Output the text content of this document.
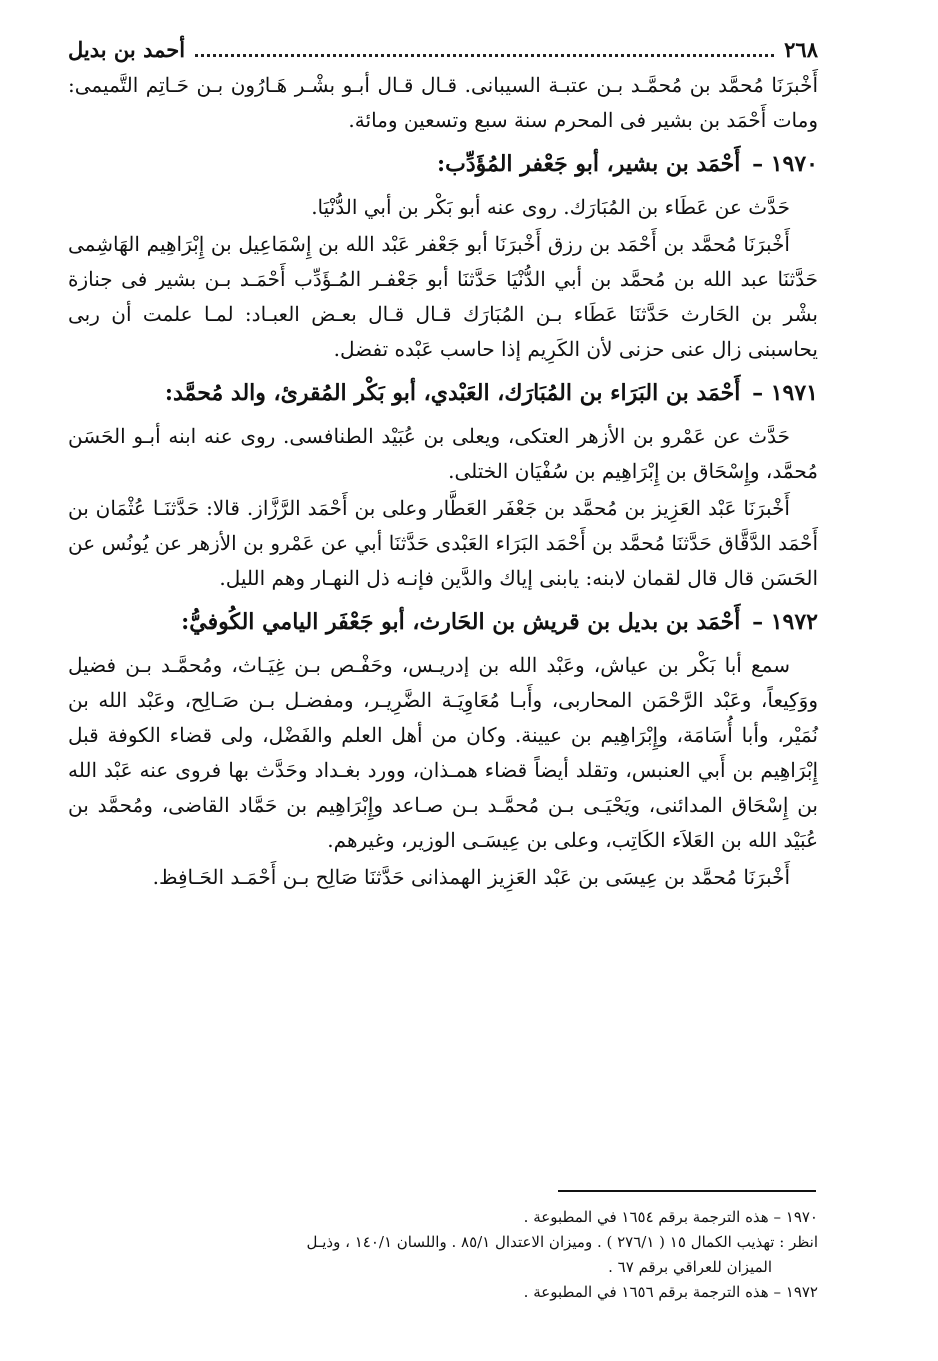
٢٦٨
أحمد بن بديل

أَخْبرَنَا مُحمَّد بن مُحمَّـد بـن عتبـة السيبانى. قـال قـال أبـو بشْـر هَـارُون بـن حَـاتِم التَّميمى: ومات أَحْمَد بن بشير فى المحرم سنة سبع وتسعين ومائة.

١٩٧٠ – أَحْمَد بن بشير، أبو جَعْفر المُؤَدِّب:

حَدَّث عن عَطَاء بن المُبَارَك. روى عنه أبو بَكْر بن أبي الدُّنْيَا.

أَخْبرَنَا مُحمَّد بن أَحْمَد بن رزق أَخْبرَنَا أبو جَعْفر عَبْد الله بن إِسْمَاعِيل بن إِبْرَاهِيم الهَاشِمى حَدَّثنَا عبد الله بن مُحمَّد بن أبي الدُّنْيَا حَدَّثنَا أبو جَعْفـر المُـؤَدِّب أَحْمَـد بـن بشير فى جنازة بشْر بن الحَارث حَدَّثنَا عَطَاء بـن المُبَارَك قـال قـال بعـض العبـاد: لمـا علمت أن ربى يحاسبنى زال عنى حزنى لأن الكَرِيم إذا حاسب عَبْده تفضل.

١٩٧١ – أَحْمَد بن البَرَاء بن المُبَارَك، العَبْدي، أبو بَكْر المُقرئ، والد مُحمَّد:

حَدَّث عن عَمْرو بن الأزهر العتكى، ويعلى بن عُبَيْد الطنافسى. روى عنه ابنه أبـو الحَسَن مُحمَّد، وإِسْحَاق بن إِبْرَاهِيم بن سُفْيَان الختلى.

أَخْبرَنَا عَبْد العَزِيز بن مُحمَّد بن جَعْفَر العَطَّار وعلى بن أَحْمَد الرَّزَّاز. قالا: حَدَّثنَـا عُثْمَان بن أَحْمَد الدَّقَّاق حَدَّثنَا مُحمَّد بن أَحْمَد البَرَاء العَبْدى حَدَّثنَا أبي عن عَمْرو بن الأزهر عن يُونُس عن الحَسَن قال قال لقمان لابنه: يابنى إياك والدَّين فإنـه ذل النهـار وهم الليل.

١٩٧٢ – أَحْمَد بن بديل بن قريش بن الحَارث، أبو جَعْفَر اليامي الكُوفيُّ:

سمع أبا بَكْر بن عياش، وعَبْد الله بن إدريـس، وحَفْـص بـن غِيَـاث، ومُحمَّـد بـن فضيل ووَكِيعاً، وعَبْد الرَّحْمَن المحاربى، وأَبـا مُعَاوِيَـة الضَّرِيـر، ومفضـل بـن صَـالِح، وعَبْد الله بن نُمَيْر، وأبا أُسَامَة، وإِبْرَاهِيم بن عيينة. وكان من أهل العلم والفَضْل، ولى قضاء الكوفة قبل إِبْرَاهِيم بن أَبي العنبس، وتقلد أيضاً قضاء همـذان، وورد بغـداد وحَدَّث بها فروى عنه عَبْد الله بن إِسْحَاق المدائنى، ويَحْيَـى بـن مُحمَّـد بـن صـاعد وإِبْرَاهِيم بن حَمَّاد القاضى، ومُحمَّد بن عُبَيْد الله بن العَلاَء الكَاتِب، وعلى بن عِيسَـى الوزير، وغيرهم.

أَخْبرَنَا مُحمَّد بن عِيسَى بن عَبْد العَزِيز الهمذانى حَدَّثنَا صَالِح بـن أَحْمَـد الحَـافِظ.

١٩٧٠ – هذه الترجمة برقم ١٦٥٤ في المطبوعة .

انظر : تهذيب الكمال ١٥ ( ٢٧٦/١ ) . وميزان الاعتدال ٨٥/١ . واللسان ١٤٠/١ ، وذيـل

الميزان للعراقي برقم ٦٧ .

١٩٧٢ – هذه الترجمة برقم ١٦٥٦ في المطبوعة .
